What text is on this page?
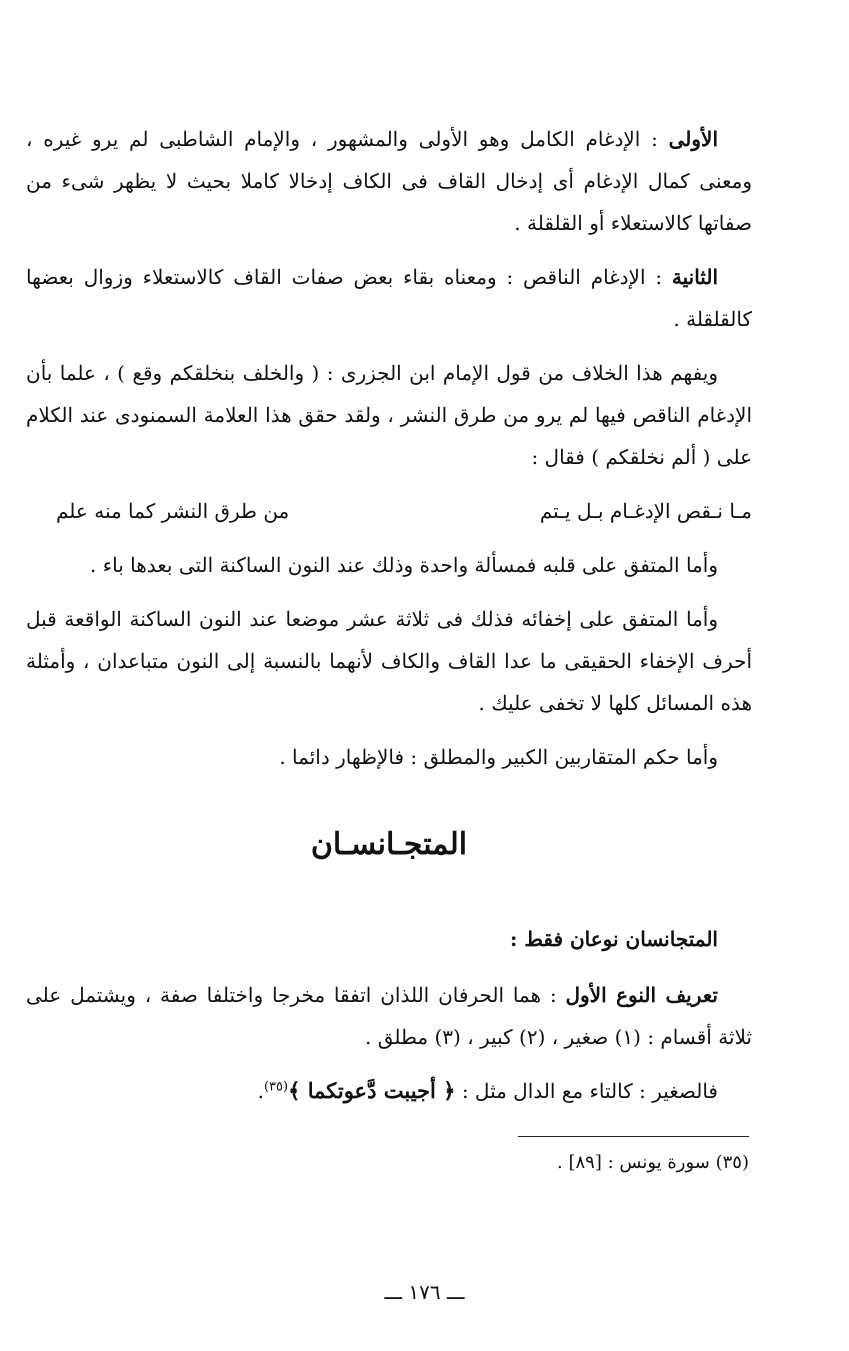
الأولى : الإدغام الكامل وهو الأولى والمشهور ، والإمام الشاطبى لم يرو غيره ، ومعنى كمال الإدغام أى إدخال القاف فى الكاف إدخالا كاملا بحيث لا يظهر شىء من صفاتها كالاستعلاء أو القلقلة .

الثانية : الإدغام الناقص : ومعناه بقاء بعض صفات القاف كالاستعلاء وزوال بعضها كالقلقلة .

ويفهم هذا الخلاف من قول الإمام ابن الجزرى : ( والخلف بنخلقكم وقع ) ، علما بأن الإدغام الناقص فيها لم يرو من طرق النشر ، ولقد حقق هذا العلامة السمنودى عند الكلام على ( ألم نخلقكم ) فقال :

مـا نـقص الإدغـام بـل يـتم
من طرق النشر كما منه علم

وأما المتفق على قلبه فمسألة واحدة وذلك عند النون الساكنة التى بعدها باء .

وأما المتفق على إخفائه فذلك فى ثلاثة عشر موضعا عند النون الساكنة الواقعة قبل أحرف الإخفاء الحقيقى ما عدا القاف والكاف لأنهما بالنسبة إلى النون متباعدان ، وأمثلة هذه المسائل كلها لا تخفى عليك .

وأما حكم المتقاربين الكبير والمطلق : فالإظهار دائما .

المتجـانسـان

المتجانسان نوعان فقط :

تعريف النوع الأول : هما الحرفان اللذان اتفقا مخرجا واختلفا صفة ، ويشتمل على ثلاثة أقسام : (١) صغير ، (٢) كبير ، (٣) مطلق .

فالصغير : كالتاء مع الدال مثل : ﴿ أجيبت دَّعوتكما ﴾$^{(٣٥)}$.

(٣٥) سورة يونس : [٨٩] .
ـــ ١٧٦ ـــ
